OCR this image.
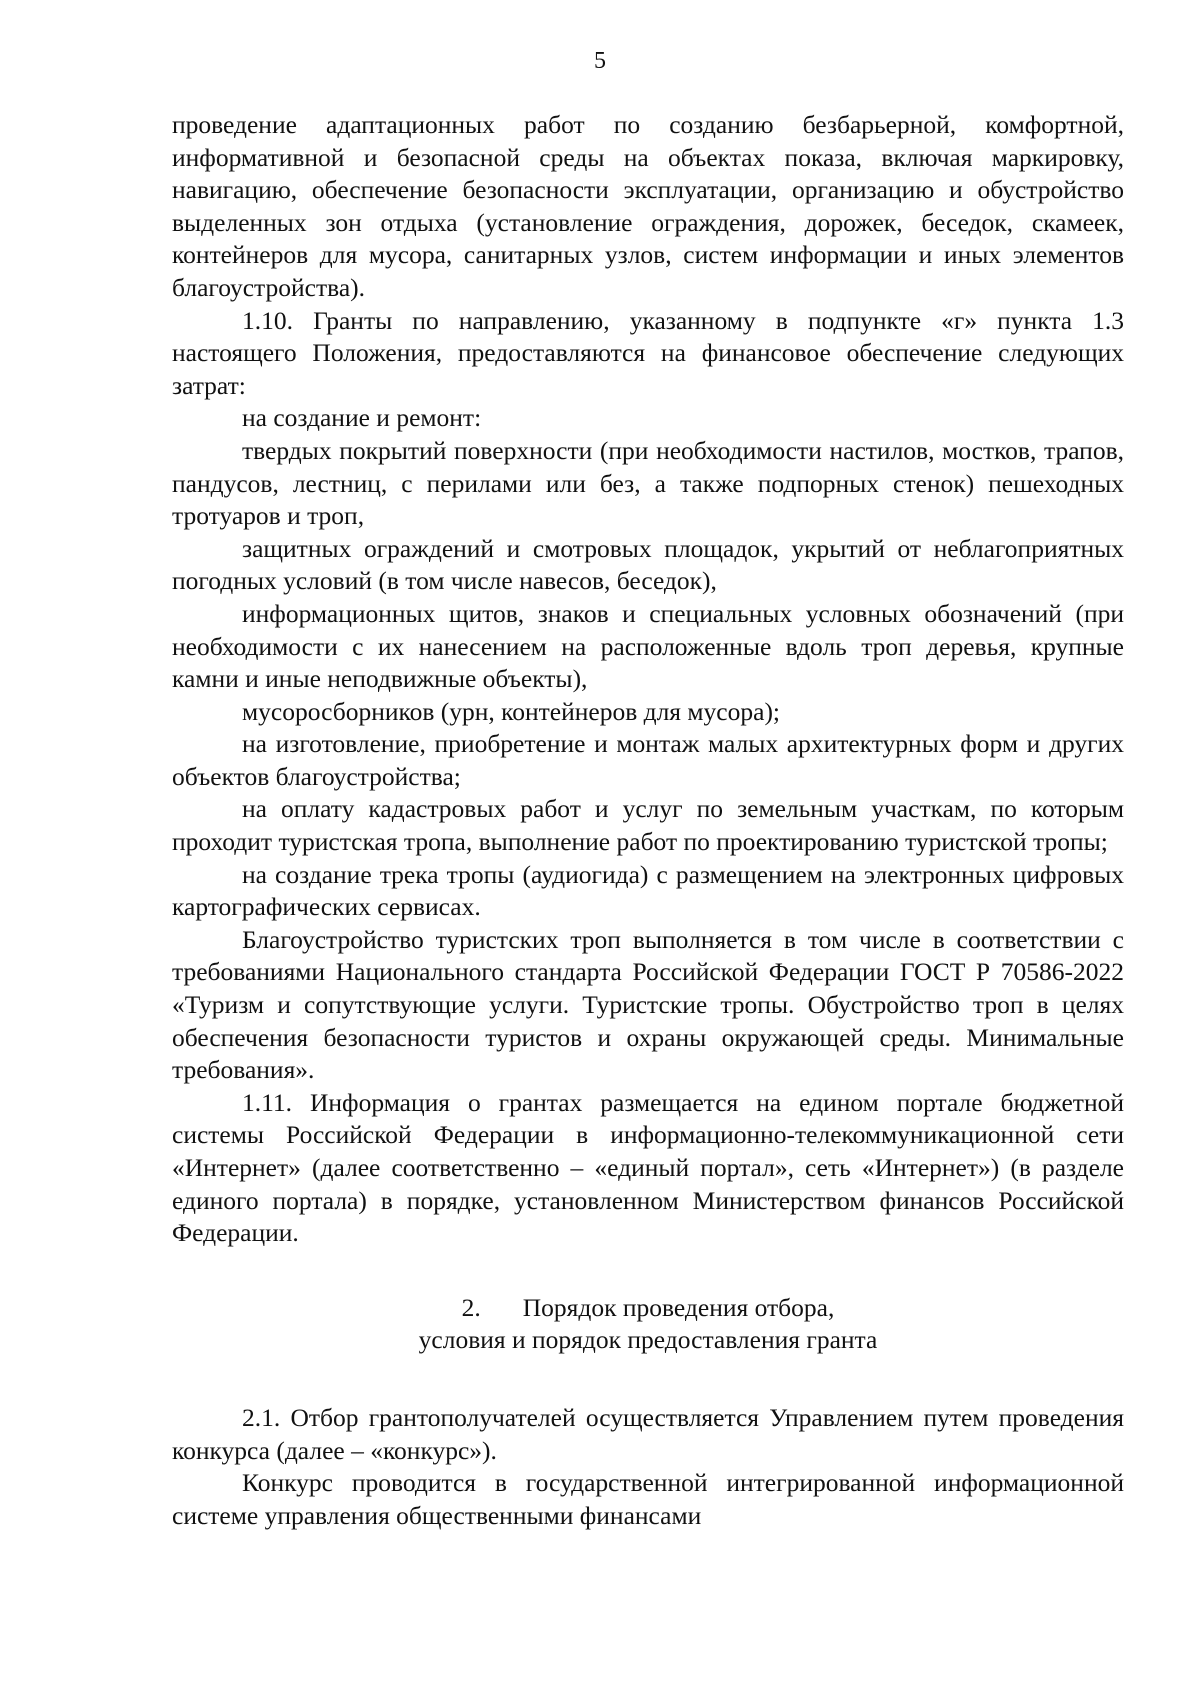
5

проведение адаптационных работ по созданию безбарьерной, комфортной, информативной и безопасной среды на объектах показа, включая маркировку, навигацию, обеспечение безопасности эксплуатации, организацию и обустройство выделенных зон отдыха (установление ограждения, дорожек, беседок, скамеек, контейнеров для мусора, санитарных узлов, систем информации и иных элементов благоустройства).

1.10. Гранты по направлению, указанному в подпункте «г» пункта 1.3 настоящего Положения, предоставляются на финансовое обеспечение следующих затрат:

на создание и ремонт:

твердых покрытий поверхности (при необходимости настилов, мостков, трапов, пандусов, лестниц, с перилами или без, а также подпорных стенок) пешеходных тротуаров и троп,

защитных ограждений и смотровых площадок, укрытий от неблагоприятных погодных условий (в том числе навесов, беседок),

информационных щитов, знаков и специальных условных обозначений (при необходимости с их нанесением на расположенные вдоль троп деревья, крупные камни и иные неподвижные объекты),

мусоросборников (урн, контейнеров для мусора);

на изготовление, приобретение и монтаж малых архитектурных форм и других объектов благоустройства;

на оплату кадастровых работ и услуг по земельным участкам, по которым проходит туристская тропа, выполнение работ по проектированию туристской тропы;

на создание трека тропы (аудиогида) с размещением на электронных цифровых картографических сервисах.

Благоустройство туристских троп выполняется в том числе в соответствии с требованиями Национального стандарта Российской Федерации ГОСТ Р 70586-2022 «Туризм и сопутствующие услуги. Туристские тропы. Обустройство троп в целях обеспечения безопасности туристов и охраны окружающей среды. Минимальные требования».

1.11. Информация о грантах размещается на едином портале бюджетной системы Российской Федерации в информационно-телекоммуникационной сети «Интернет» (далее соответственно – «единый портал», сеть «Интернет») (в разделе единого портала) в порядке, установленном Министерством финансов Российской Федерации.

2. Порядок проведения отбора,
условия и порядок предоставления гранта

2.1. Отбор грантополучателей осуществляется Управлением путем проведения конкурса (далее – «конкурс»).

Конкурс проводится в государственной интегрированной информационной системе управления общественными финансами
